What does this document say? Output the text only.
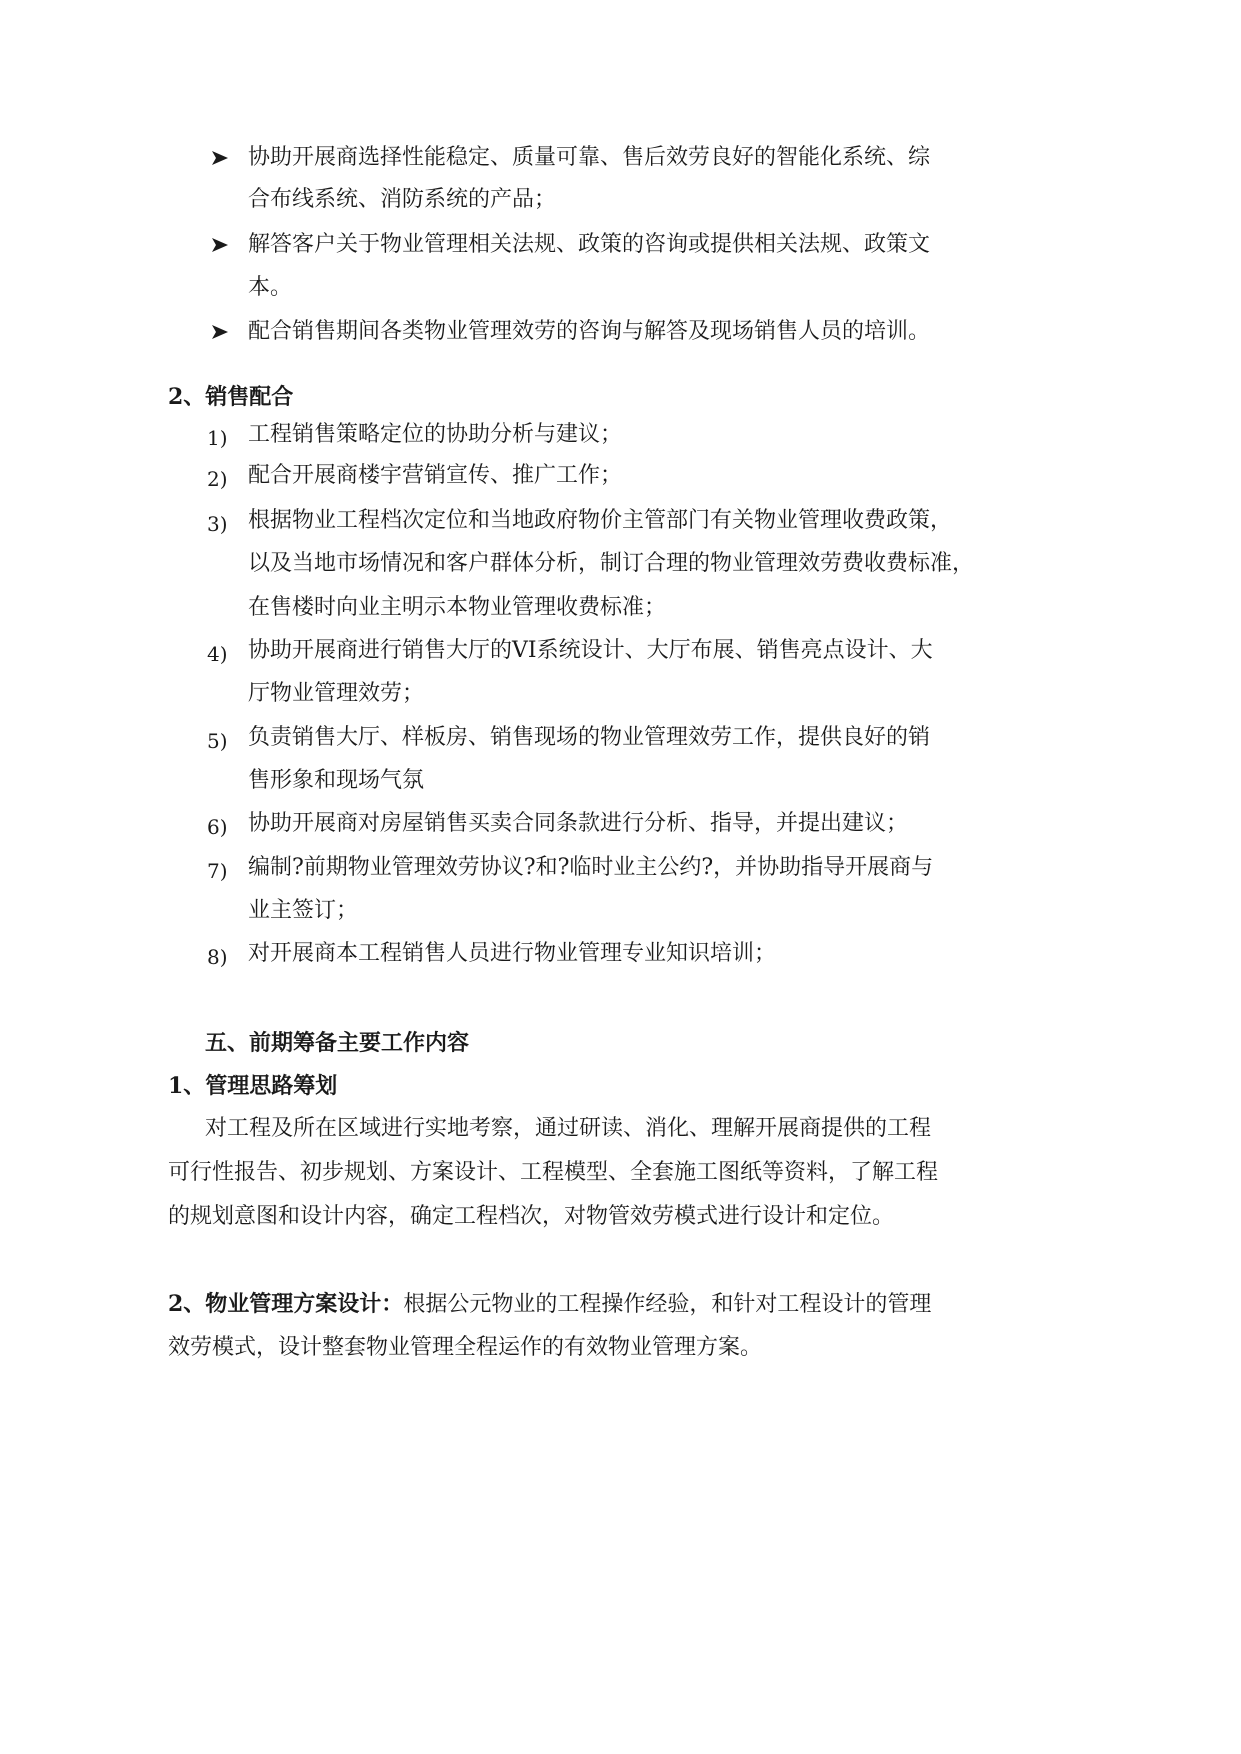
协助开展商选择性能稳定、质量可靠、售后效劳良好的智能化系统、综
合布线系统、消防系统的产品；
解答客户关于物业管理相关法规、政策的咨询或提供相关法规、政策文
本。
配合销售期间各类物业管理效劳的咨询与解答及现场销售人员的培训。
2、销售配合
1) 工程销售策略定位的协助分析与建议；
2) 配合开展商楼宇营销宣传、推广工作；
3) 根据物业工程档次定位和当地政府物价主管部门有关物业管理收费政策，
以及当地市场情况和客户群体分析，制订合理的物业管理效劳费收费标准，
在售楼时向业主明示本物业管理收费标准；
4) 协助开展商进行销售大厅的VI系统设计、大厅布展、销售亮点设计、大
厅物业管理效劳；
5) 负责销售大厅、样板房、销售现场的物业管理效劳工作，提供良好的销
售形象和现场气氛
6) 协助开展商对房屋销售买卖合同条款进行分析、指导，并提出建议；
7) 编制?前期物业管理效劳协议?和?临时业主公约?，并协助指导开展商与
业主签订；
8) 对开展商本工程销售人员进行物业管理专业知识培训；
五、前期筹备主要工作内容
1、管理思路筹划
对工程及所在区域进行实地考察，通过研读、消化、理解开展商提供的工程
可行性报告、初步规划、方案设计、工程模型、全套施工图纸等资料，了解工程
的规划意图和设计内容，确定工程档次，对物管效劳模式进行设计和定位。
2、物业管理方案设计：根据公元物业的工程操作经验，和针对工程设计的管理
效劳模式，设计整套物业管理全程运作的有效物业管理方案。
